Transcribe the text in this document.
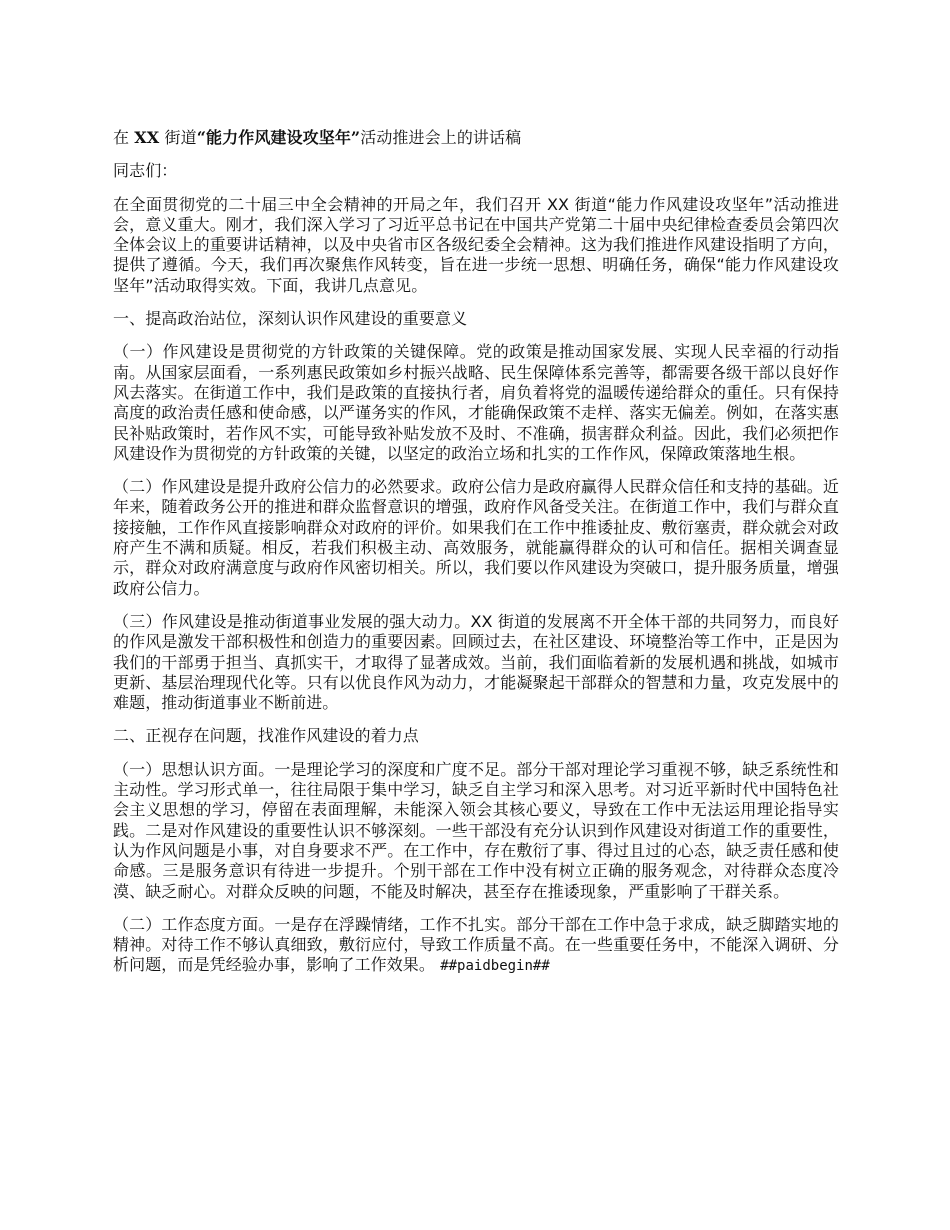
在 XX 街道“能力作风建设攻坚年”活动推进会上的讲话稿

同志们：

在全面贯彻党的二十届三中全会精神的开局之年，我们召开 XX 街道“能力作风建设攻坚年”活动推进会，意义重大。刚才，我们深入学习了习近平总书记在中国共产党第二十届中央纪律检查委员会第四次全体会议上的重要讲话精神，以及中央省市区各级纪委全会精神。这为我们推进作风建设指明了方向，提供了遵循。今天，我们再次聚焦作风转变，旨在进一步统一思想、明确任务，确保“能力作风建设攻坚年”活动取得实效。下面，我讲几点意见。

一、提高政治站位，深刻认识作风建设的重要意义

（一）作风建设是贯彻党的方针政策的关键保障。党的政策是推动国家发展、实现人民幸福的行动指南。从国家层面看，一系列惠民政策如乡村振兴战略、民生保障体系完善等，都需要各级干部以良好作风去落实。在街道工作中，我们是政策的直接执行者，肩负着将党的温暖传递给群众的重任。只有保持高度的政治责任感和使命感，以严谨务实的作风，才能确保政策不走样、落实无偏差。例如，在落实惠民补贴政策时，若作风不实，可能导致补贴发放不及时、不准确，损害群众利益。因此，我们必须把作风建设作为贯彻党的方针政策的关键，以坚定的政治立场和扎实的工作作风，保障政策落地生根。

（二）作风建设是提升政府公信力的必然要求。政府公信力是政府赢得人民群众信任和支持的基础。近年来，随着政务公开的推进和群众监督意识的增强，政府作风备受关注。在街道工作中，我们与群众直接接触，工作作风直接影响群众对政府的评价。如果我们在工作中推诿扯皮、敷衍塞责，群众就会对政府产生不满和质疑。相反，若我们积极主动、高效服务，就能赢得群众的认可和信任。据相关调查显示，群众对政府满意度与政府作风密切相关。所以，我们要以作风建设为突破口，提升服务质量，增强政府公信力。

（三）作风建设是推动街道事业发展的强大动力。XX 街道的发展离不开全体干部的共同努力，而良好的作风是激发干部积极性和创造力的重要因素。回顾过去，在社区建设、环境整治等工作中，正是因为我们的干部勇于担当、真抓实干，才取得了显著成效。当前，我们面临着新的发展机遇和挑战，如城市更新、基层治理现代化等。只有以优良作风为动力，才能凝聚起干部群众的智慧和力量，攻克发展中的难题，推动街道事业不断前进。

二、正视存在问题，找准作风建设的着力点

（一）思想认识方面。一是理论学习的深度和广度不足。部分干部对理论学习重视不够，缺乏系统性和主动性。学习形式单一，往往局限于集中学习，缺乏自主学习和深入思考。对习近平新时代中国特色社会主义思想的学习，停留在表面理解，未能深入领会其核心要义，导致在工作中无法运用理论指导实践。二是对作风建设的重要性认识不够深刻。一些干部没有充分认识到作风建设对街道工作的重要性，认为作风问题是小事，对自身要求不严。在工作中，存在敷衍了事、得过且过的心态，缺乏责任感和使命感。三是服务意识有待进一步提升。个别干部在工作中没有树立正确的服务观念，对待群众态度冷漠、缺乏耐心。对群众反映的问题，不能及时解决，甚至存在推诿现象，严重影响了干群关系。

（二）工作态度方面。一是存在浮躁情绪，工作不扎实。部分干部在工作中急于求成，缺乏脚踏实地的精神。对待工作不够认真细致，敷衍应付，导致工作质量不高。在一些重要任务中，不能深入调研、分析问题，而是凭经验办事，影响了工作效果。 ##paidbegin##
